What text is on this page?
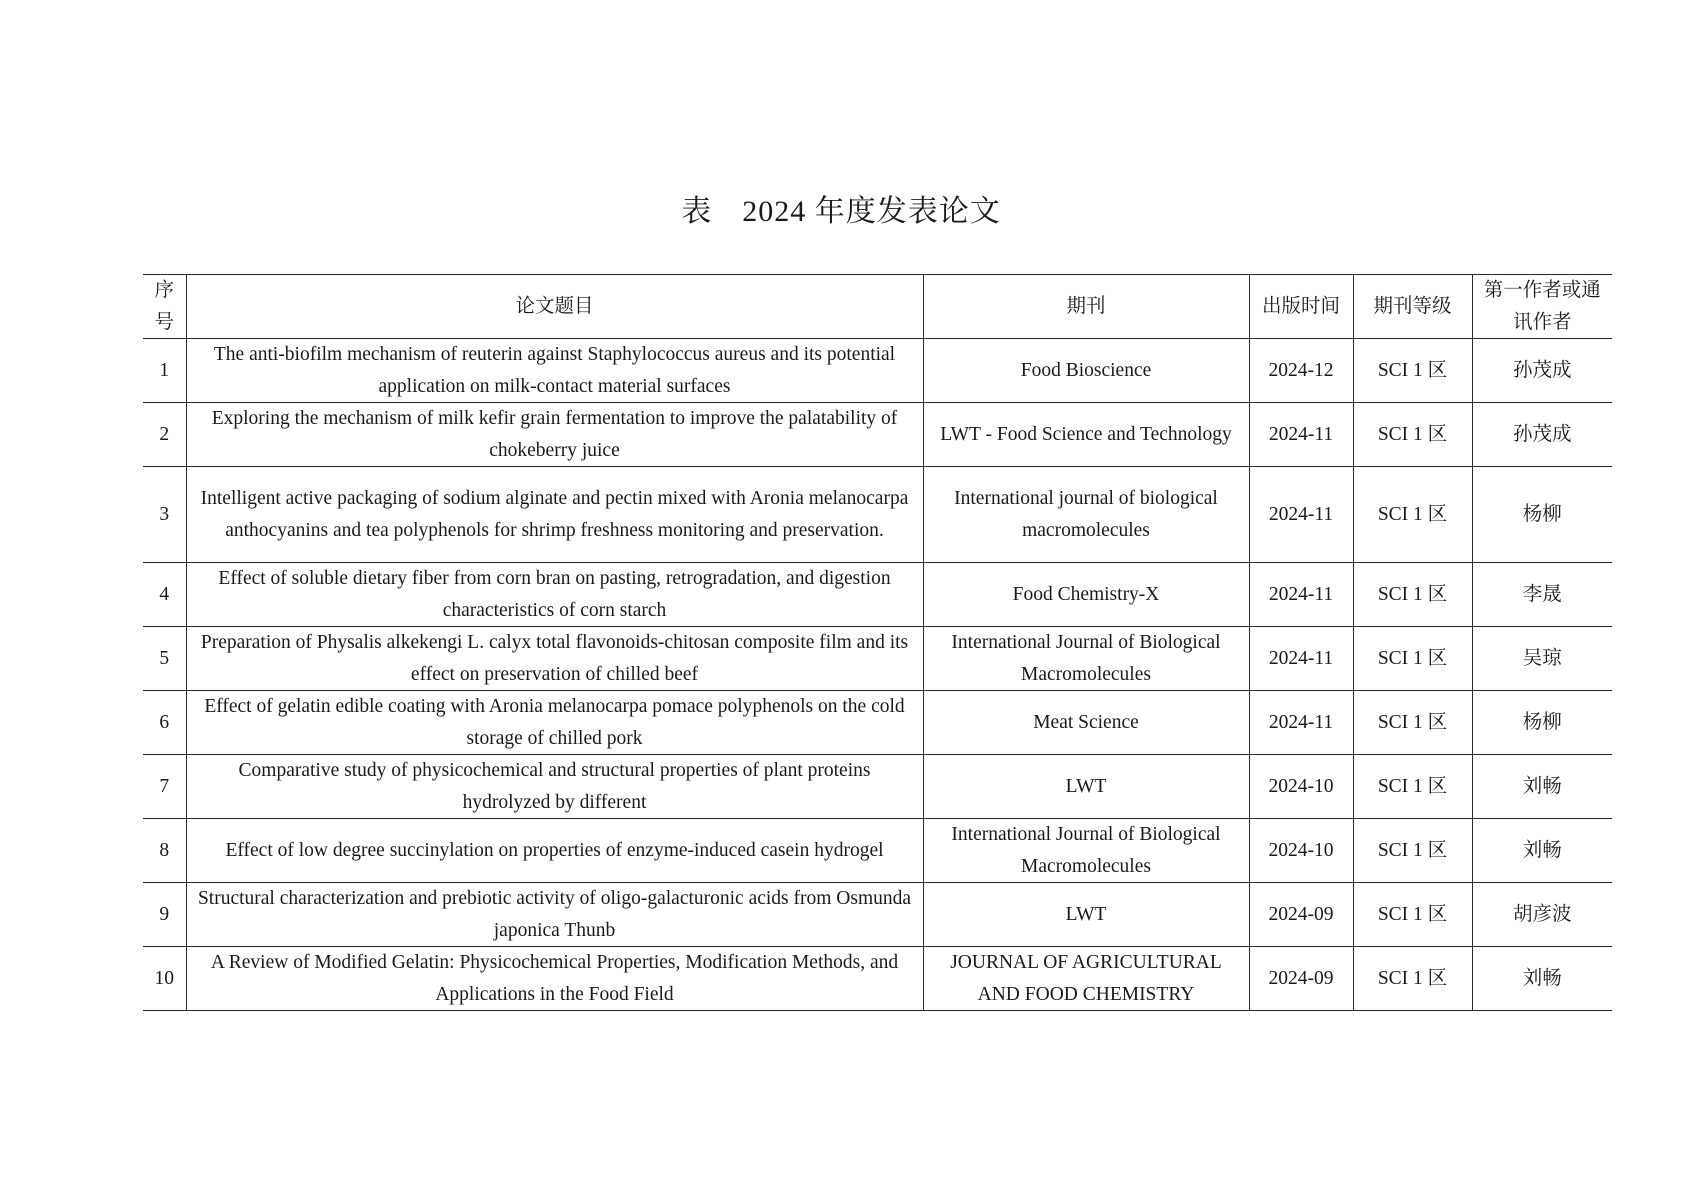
表 2024 年度发表论文
序号	论文题目	期刊	出版时间	期刊等级	第一作者或通讯作者
1	The anti-biofilm mechanism of reuterin against Staphylococcus aureus and its potential application on milk-contact material surfaces	Food Bioscience	2024-12	SCI 1 区	孙茂成
2	Exploring the mechanism of milk kefir grain fermentation to improve the palatability of chokeberry juice	LWT - Food Science and Technology	2024-11	SCI 1 区	孙茂成
3	Intelligent active packaging of sodium alginate and pectin mixed with Aronia melanocarpa anthocyanins and tea polyphenols for shrimp freshness monitoring and preservation.	International journal of biological macromolecules	2024-11	SCI 1 区	杨柳
4	Effect of soluble dietary fiber from corn bran on pasting, retrogradation, and digestion characteristics of corn starch	Food Chemistry-X	2024-11	SCI 1 区	李晟
5	Preparation of Physalis alkekengi L. calyx total flavonoids-chitosan composite film and its effect on preservation of chilled beef	International Journal of Biological Macromolecules	2024-11	SCI 1 区	吴琼
6	Effect of gelatin edible coating with Aronia melanocarpa pomace polyphenols on the cold storage of chilled pork	Meat Science	2024-11	SCI 1 区	杨柳
7	Comparative study of physicochemical and structural properties of plant proteins hydrolyzed by different	LWT	2024-10	SCI 1 区	刘畅
8	Effect of low degree succinylation on properties of enzyme-induced casein hydrogel	International Journal of Biological Macromolecules	2024-10	SCI 1 区	刘畅
9	Structural characterization and prebiotic activity of oligo-galacturonic acids from Osmunda japonica Thunb	LWT	2024-09	SCI 1 区	胡彦波
10	A Review of Modified Gelatin: Physicochemical Properties, Modification Methods, and Applications in the Food Field	JOURNAL OF AGRICULTURAL AND FOOD CHEMISTRY	2024-09	SCI 1 区	刘畅
